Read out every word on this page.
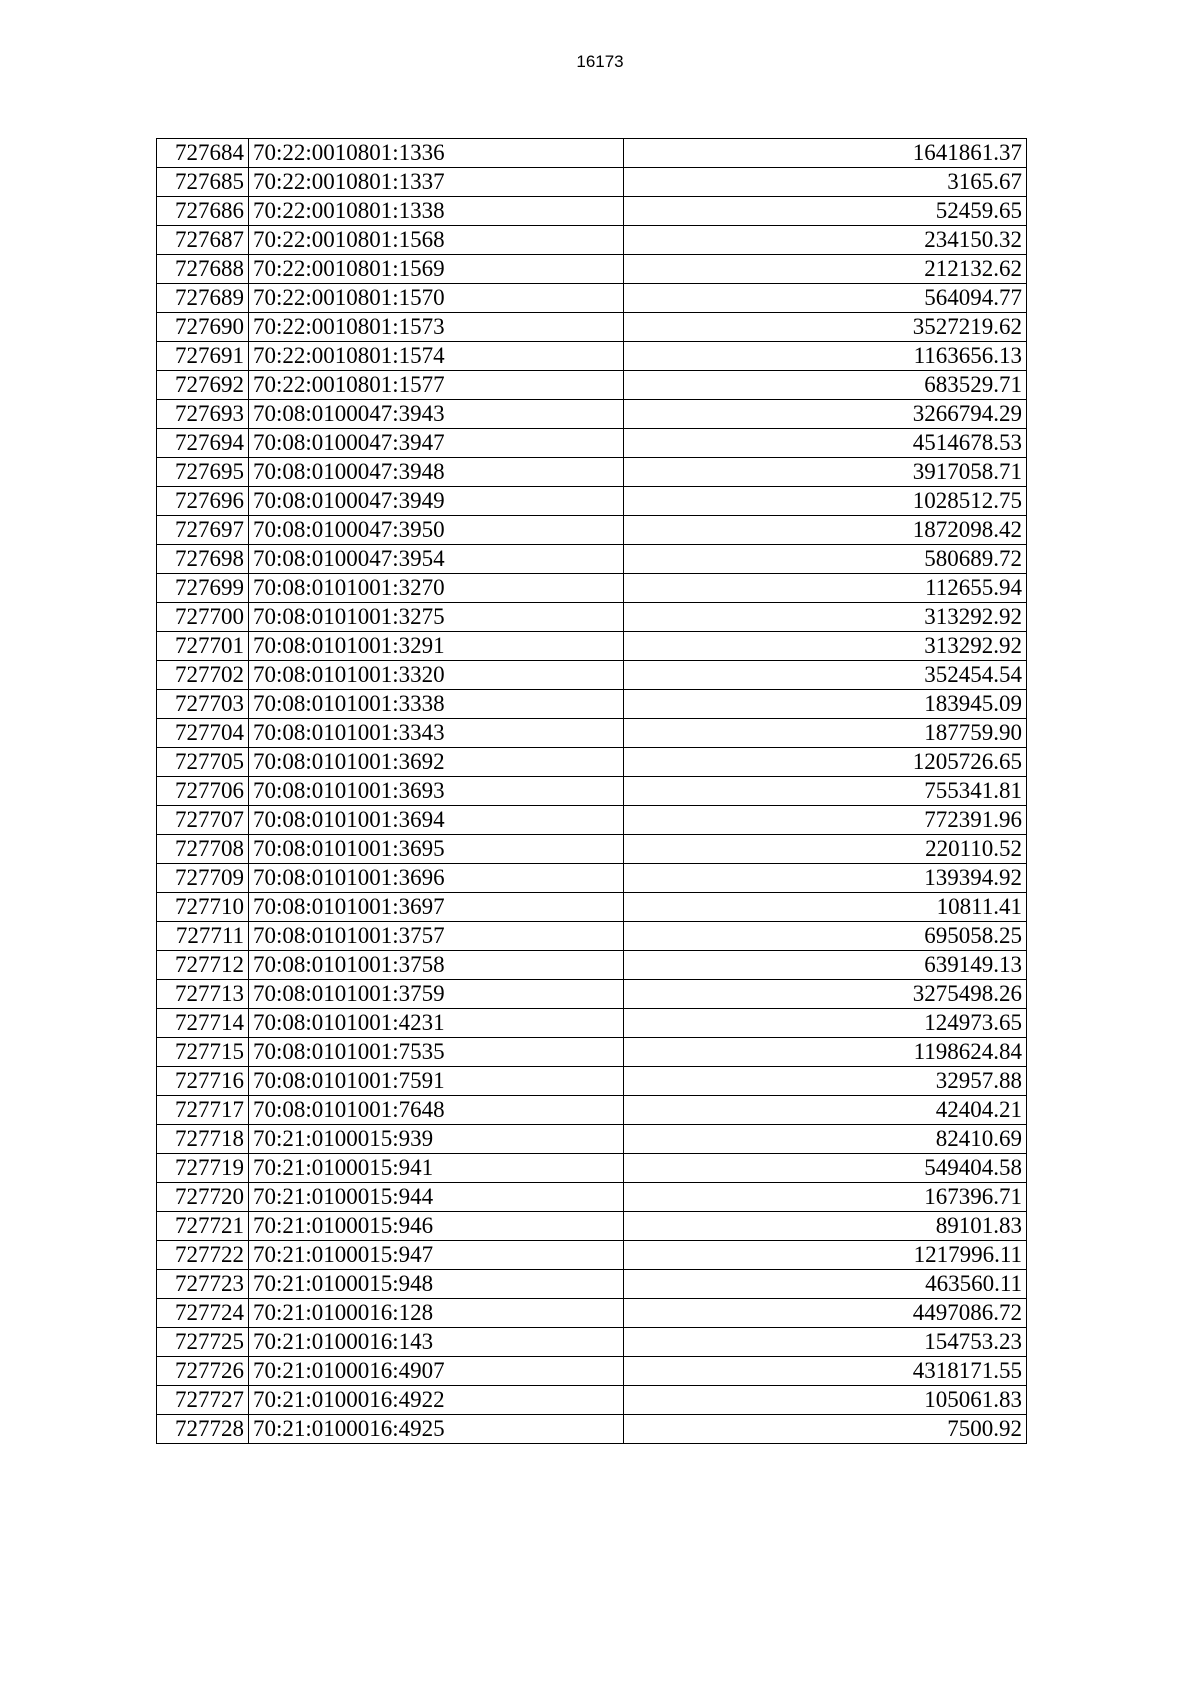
16173
727684	70:22:0010801:1336	1641861.37
727685	70:22:0010801:1337	3165.67
727686	70:22:0010801:1338	52459.65
727687	70:22:0010801:1568	234150.32
727688	70:22:0010801:1569	212132.62
727689	70:22:0010801:1570	564094.77
727690	70:22:0010801:1573	3527219.62
727691	70:22:0010801:1574	1163656.13
727692	70:22:0010801:1577	683529.71
727693	70:08:0100047:3943	3266794.29
727694	70:08:0100047:3947	4514678.53
727695	70:08:0100047:3948	3917058.71
727696	70:08:0100047:3949	1028512.75
727697	70:08:0100047:3950	1872098.42
727698	70:08:0100047:3954	580689.72
727699	70:08:0101001:3270	112655.94
727700	70:08:0101001:3275	313292.92
727701	70:08:0101001:3291	313292.92
727702	70:08:0101001:3320	352454.54
727703	70:08:0101001:3338	183945.09
727704	70:08:0101001:3343	187759.90
727705	70:08:0101001:3692	1205726.65
727706	70:08:0101001:3693	755341.81
727707	70:08:0101001:3694	772391.96
727708	70:08:0101001:3695	220110.52
727709	70:08:0101001:3696	139394.92
727710	70:08:0101001:3697	10811.41
727711	70:08:0101001:3757	695058.25
727712	70:08:0101001:3758	639149.13
727713	70:08:0101001:3759	3275498.26
727714	70:08:0101001:4231	124973.65
727715	70:08:0101001:7535	1198624.84
727716	70:08:0101001:7591	32957.88
727717	70:08:0101001:7648	42404.21
727718	70:21:0100015:939	82410.69
727719	70:21:0100015:941	549404.58
727720	70:21:0100015:944	167396.71
727721	70:21:0100015:946	89101.83
727722	70:21:0100015:947	1217996.11
727723	70:21:0100015:948	463560.11
727724	70:21:0100016:128	4497086.72
727725	70:21:0100016:143	154753.23
727726	70:21:0100016:4907	4318171.55
727727	70:21:0100016:4922	105061.83
727728	70:21:0100016:4925	7500.92
